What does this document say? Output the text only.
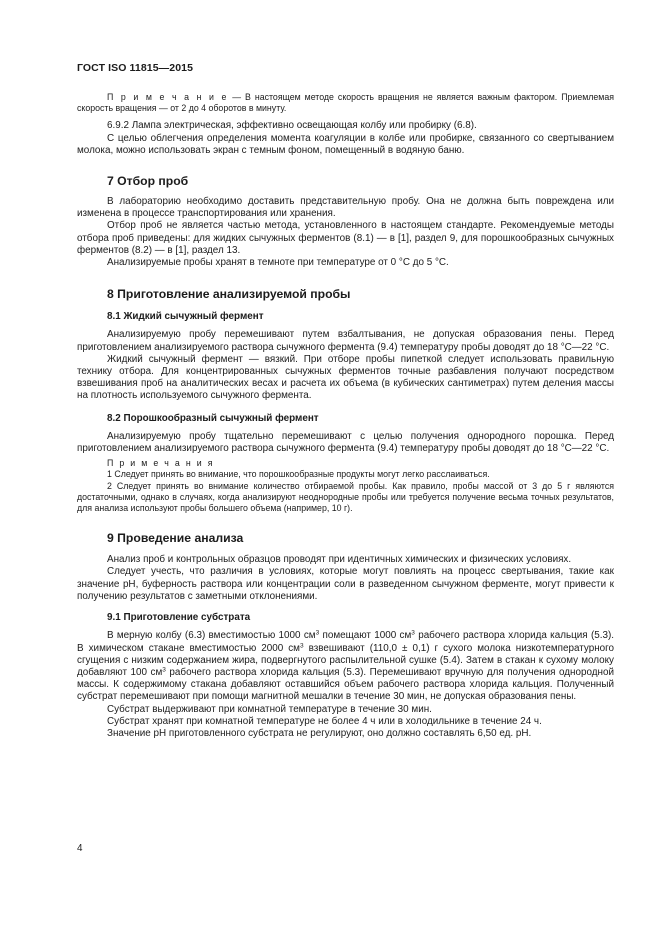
ГОСТ ISO 11815—2015

П р и м е ч а н и е — В настоящем методе скорость вращения не является важным фактором. Приемлемая скорость вращения — от 2 до 4 оборотов в минуту.

6.9.2 Лампа электрическая, эффективно освещающая колбу или пробирку (6.8).

С целью облегчения определения момента коагуляции в колбе или пробирке, связанного со свертыванием молока, можно использовать экран с темным фоном, помещенный в водяную баню.

7 Отбор проб

В лабораторию необходимо доставить представительную пробу. Она не должна быть повреждена или изменена в процессе транспортирования или хранения.

Отбор проб не является частью метода, установленного в настоящем стандарте. Рекомендуемые методы отбора проб приведены: для жидких сычужных ферментов (8.1) — в [1], раздел 9, для порошкообразных сычужных ферментов (8.2) — в [1], раздел 13.

Анализируемые пробы хранят в темноте при температуре от 0 °С до 5 °С.

8 Приготовление анализируемой пробы
8.1 Жидкий сычужный фермент

Анализируемую пробу перемешивают путем взбалтывания, не допуская образования пены. Перед приготовлением анализируемого раствора сычужного фермента (9.4) температуру пробы доводят до 18 °С—22 °С.

Жидкий сычужный фермент — вязкий. При отборе пробы пипеткой следует использовать правильную технику отбора. Для концентрированных сычужных ферментов точные разбавления получают посредством взвешивания проб на аналитических весах и расчета их объема (в кубических сантиметрах) путем деления массы на плотность используемого сычужного фермента.

8.2 Порошкообразный сычужный фермент

Анализируемую пробу тщательно перемешивают с целью получения однородного порошка. Перед приготовлением анализируемого раствора сычужного фермента (9.4) температуру пробы доводят до 18 °С—22 °С.

П р и м е ч а н и я

1 Следует принять во внимание, что порошкообразные продукты могут легко расслаиваться.

2 Следует принять во внимание количество отбираемой пробы. Как правило, пробы массой от 3 до 5 г являются достаточными, однако в случаях, когда анализируют неоднородные пробы или требуется получение весьма точных результатов, для анализа используют пробы большего объема (например, 10 г).

9 Проведение анализа

Анализ проб и контрольных образцов проводят при идентичных химических и физических условиях.

Следует учесть, что различия в условиях, которые могут повлиять на процесс свертывания, такие как значение рН, буферность раствора или концентрации соли в разведенном сычужном ферменте, могут привести к получению результатов с заметными отклонениями.

9.1 Приготовление субстрата

В мерную колбу (6.3) вместимостью 1000 $см^3$ помещают 1000 $см^3$ рабочего раствора хлорида кальция (5.3). В химическом стакане вместимостью 2000 $см^3$ взвешивают (110,0 ± 0,1) г сухого молока низкотемпературного сгущения с низким содержанием жира, подвергнутого распылительной сушке (5.4). Затем в стакан к сухому молоку добавляют 100 $см^3$ рабочего раствора хлорида кальция (5.3). Перемешивают вручную для получения однородной массы. К содержимому стакана добавляют оставшийся объем рабочего раствора хлорида кальция. Полученный субстрат перемешивают при помощи магнитной мешалки в течение 30 мин, не допуская образования пены.

Субстрат выдерживают при комнатной температуре в течение 30 мин.

Субстрат хранят при комнатной температуре не более 4 ч или в холодильнике в течение 24 ч.

Значение рН приготовленного субстрата не регулируют, оно должно составлять 6,50 ед. рН.

4
